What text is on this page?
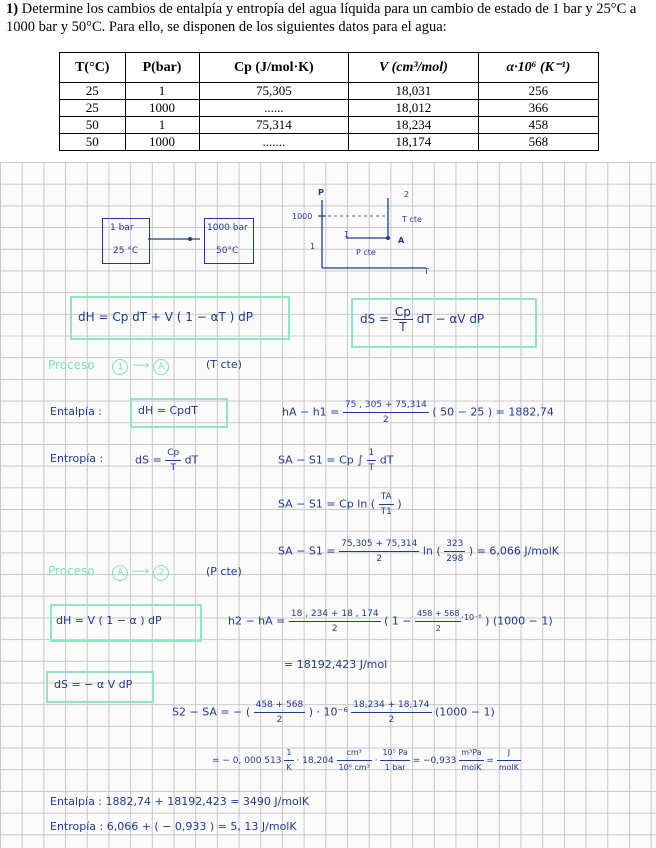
1) Determine los cambios de entalpía y entropía del agua líquida para un cambio de estado de 1 bar y 25°C a 1000 bar y 50°C. Para ello, se disponen de los siguientes datos para el agua:
T(°C)	P(bar)	Cp (J/mol·K)	V (cm³/mol)	α·10⁶ (K⁻¹)
25	1	75,305	18,031	256
25	1000	......	18,012	366
50	1	75,314	18,234	458
50	1000	.......	18,174	568
1 bar
25 °C
1000 bar
50°C
P
1000
1
1
2
A
T cte
P cte
T
dH = Cp dT + V ( 1 − αT ) dP	dS = $\frac{Cp}{T}$ dT − αV dP
Proceso	1 ⟶ A	(T cte)
Entalpía :	dH = CpdT	hA − $h1 = \frac{75 , 305 + 75,314}{2}$ ( 50 − 25 ) = 1882,74
Entropía :	dS = $\frac{Cp}{T}$ dT	SA − S1 = Cp ∫ $\frac{1}{T}$ dT
SA − S1 = Cp ln ( $\frac{TA}{T1}$ )
SA − $S1 = \frac{75,305 + 75,314}{2}$ ln ( $\frac{323}{298}$ ) = 6,066 J/molK
Proceso	A ⟶ 2	(P cte)
dH = V ( 1 − α ) dP	h2 − hA = $\frac{18 , 234 + 18 , 174}{2}$ ( $1 - \frac{458 + 568}{2} ^{\cdot 10^{-6}}$ ) (1000 − 1)
= 18192,423 J/mol
dS = − α V dP
S2 − SA = − ( $\frac{458 + 568}{2}$ ) · $10^{-6} \frac{18,234 + 18,174}{2} (1000 - 1)$
= − 0, 000 $513 \frac{1}{K} \cdot 18,204 \frac{\text{cm³}}{\text{10⁶ cm³}} \cdot \frac{\text{10⁵ Pa}}{\text{1 bar}} = -0,933 \frac{\text{m³Pa}}{\text{molK}} = \frac{J}{\text{molK}}$
Entalpía : 1882,74 + 18192,423 = 3490 J/molK
Entropía : 6,066 + ( − 0,933 ) = 5, 13 J/molK
